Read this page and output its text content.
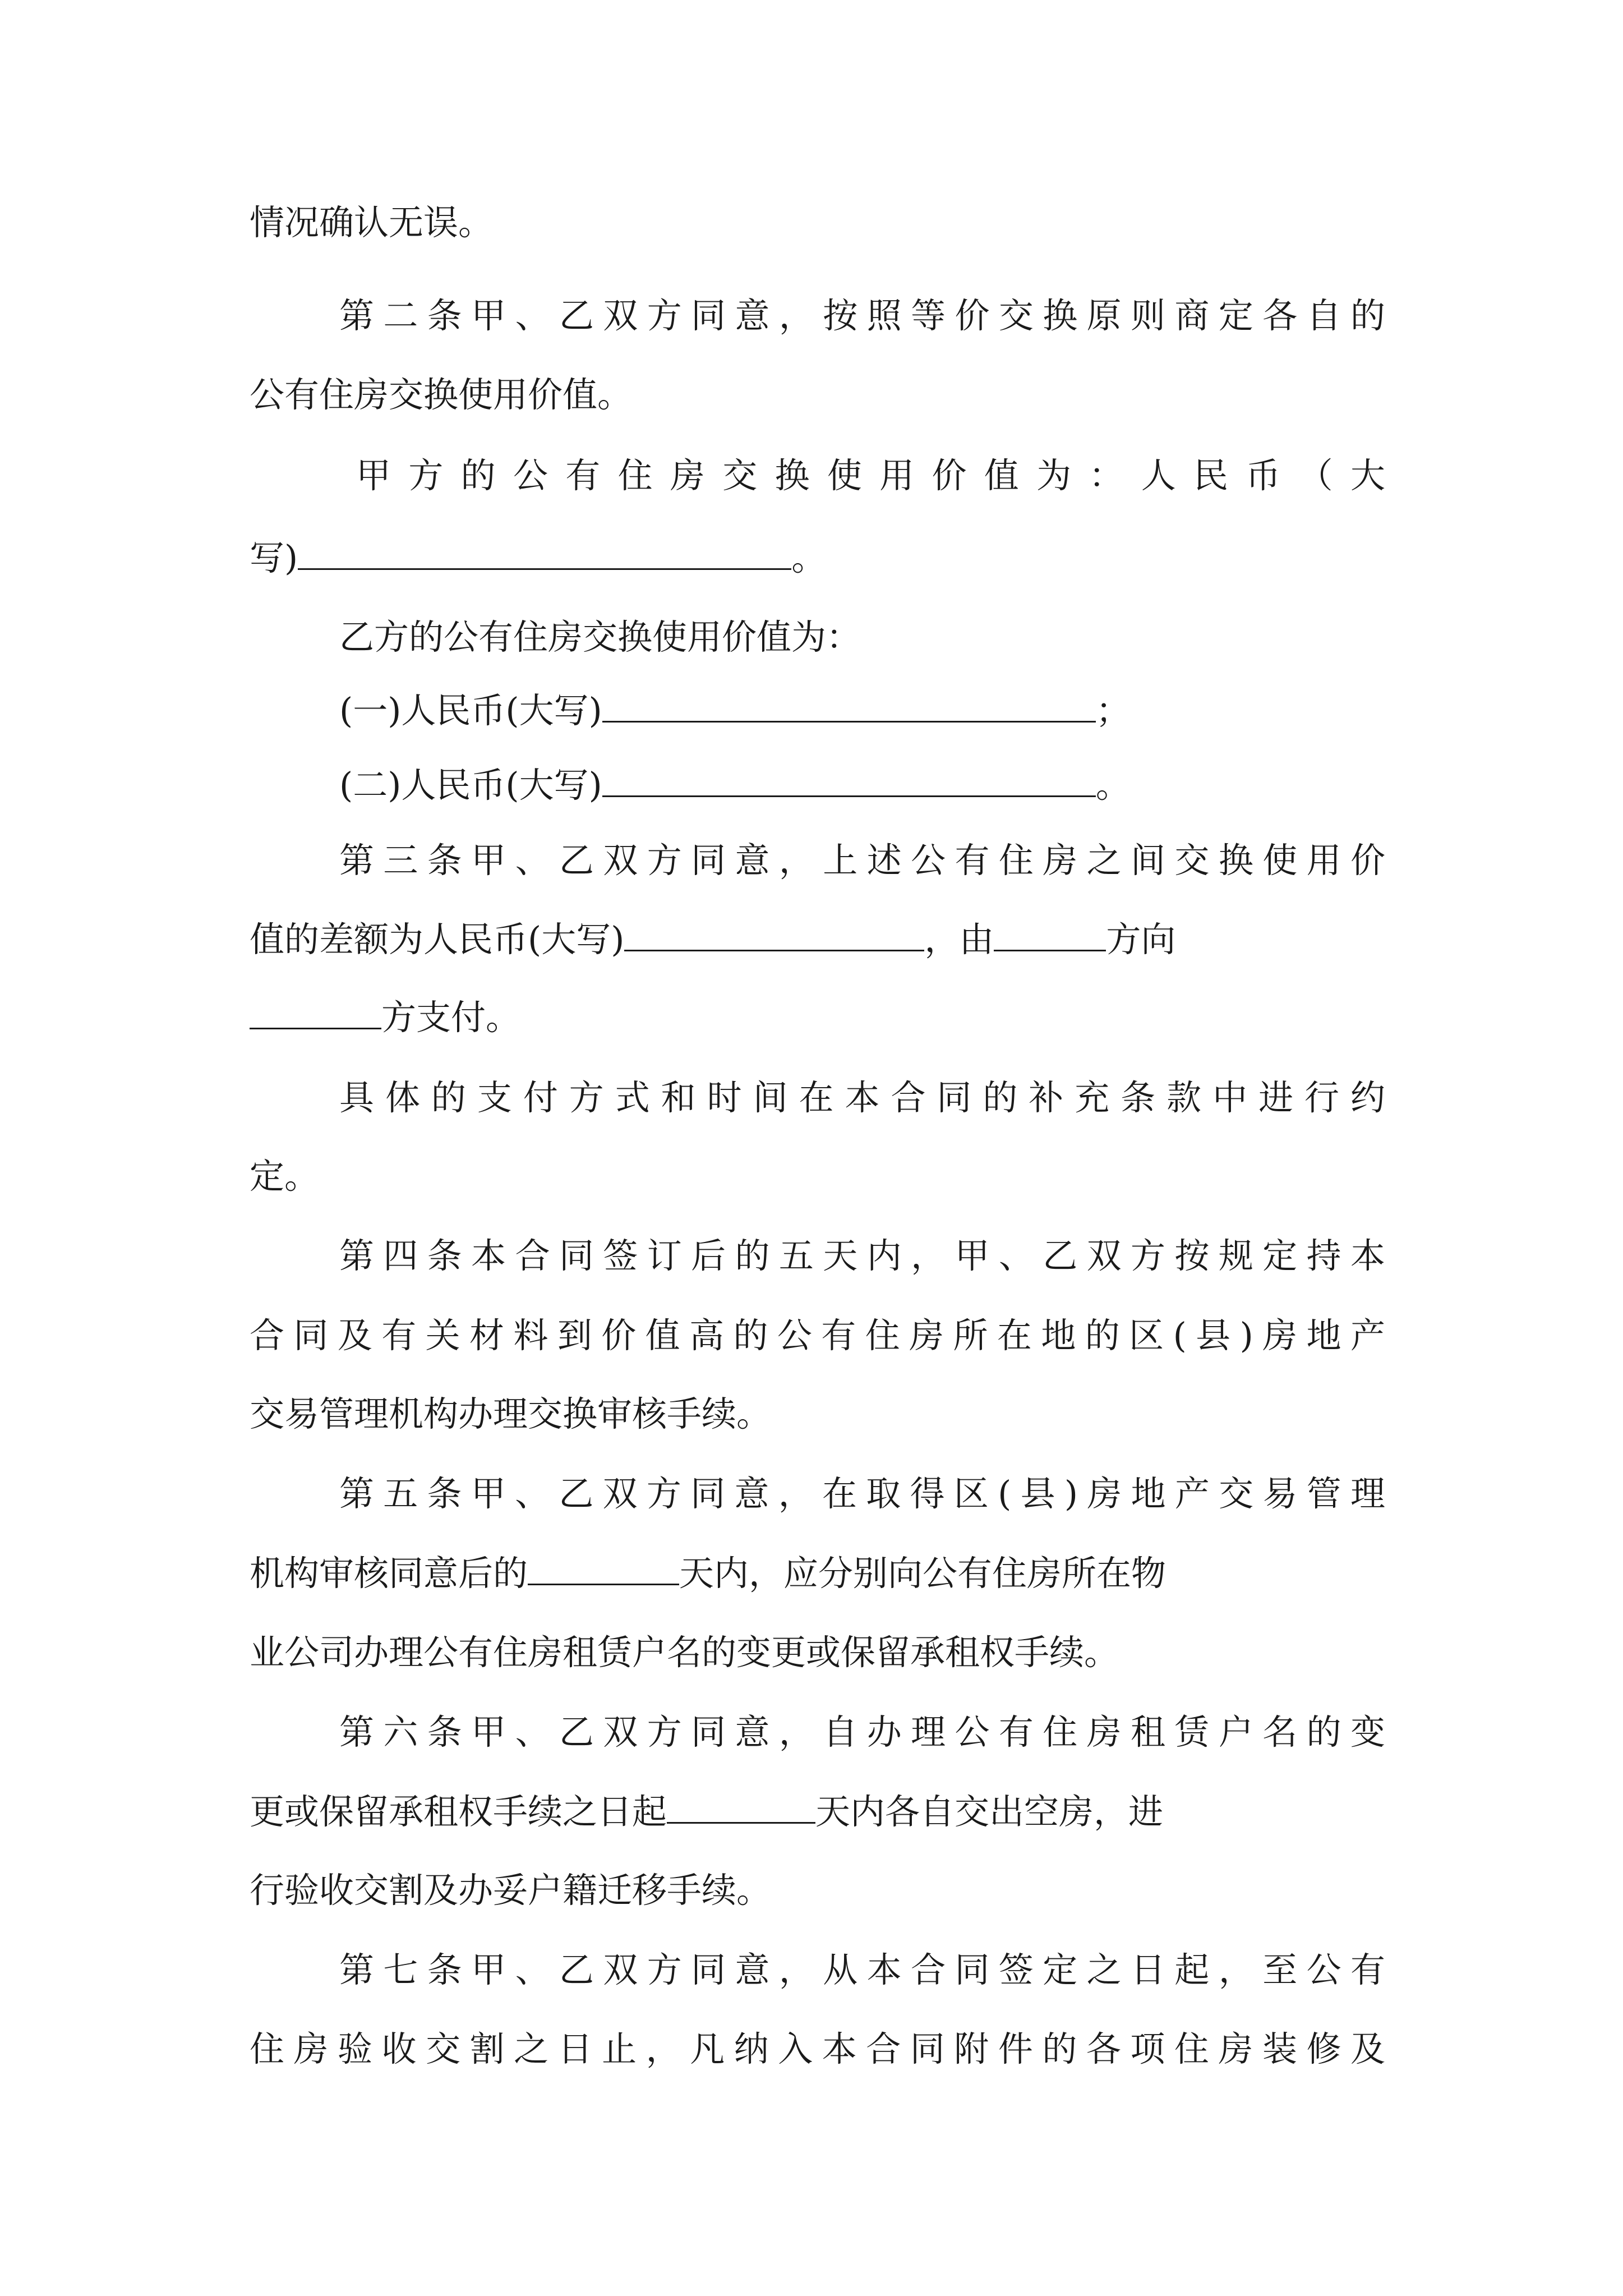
情况确认无误。
第二条甲、乙双方同意，按照等价交换原则商定各自的
公有住房交换使用价值。
甲方的公有住房交换使用价值为：人民币（大
写)	。
乙方的公有住房交换使用价值为：
(一)人民币(大写)	；
(二)人民币(大写)	。
第三条甲、乙双方同意，上述公有住房之间交换使用价
值的差额为人民币(大写)	，由	方向
方支付。
具体的支付方式和时间在本合同的补充条款中进行约
定。
第四条本合同签订后的五天内，甲、乙双方按规定持本
合同及有关材料到价值高的公有住房所在地的区(县)房地产
交易管理机构办理交换审核手续。
第五条甲、乙双方同意，在取得区(县)房地产交易管理
机构审核同意后的	天内，应分别向公有住房所在物
业公司办理公有住房租赁户名的变更或保留承租权手续。
第六条甲、乙双方同意，自办理公有住房租赁户名的变
更或保留承租权手续之日起	天内各自交出空房，进
行验收交割及办妥户籍迁移手续。
第七条甲、乙双方同意，从本合同签定之日起，至公有
住房验收交割之日止，凡纳入本合同附件的各项住房装修及
